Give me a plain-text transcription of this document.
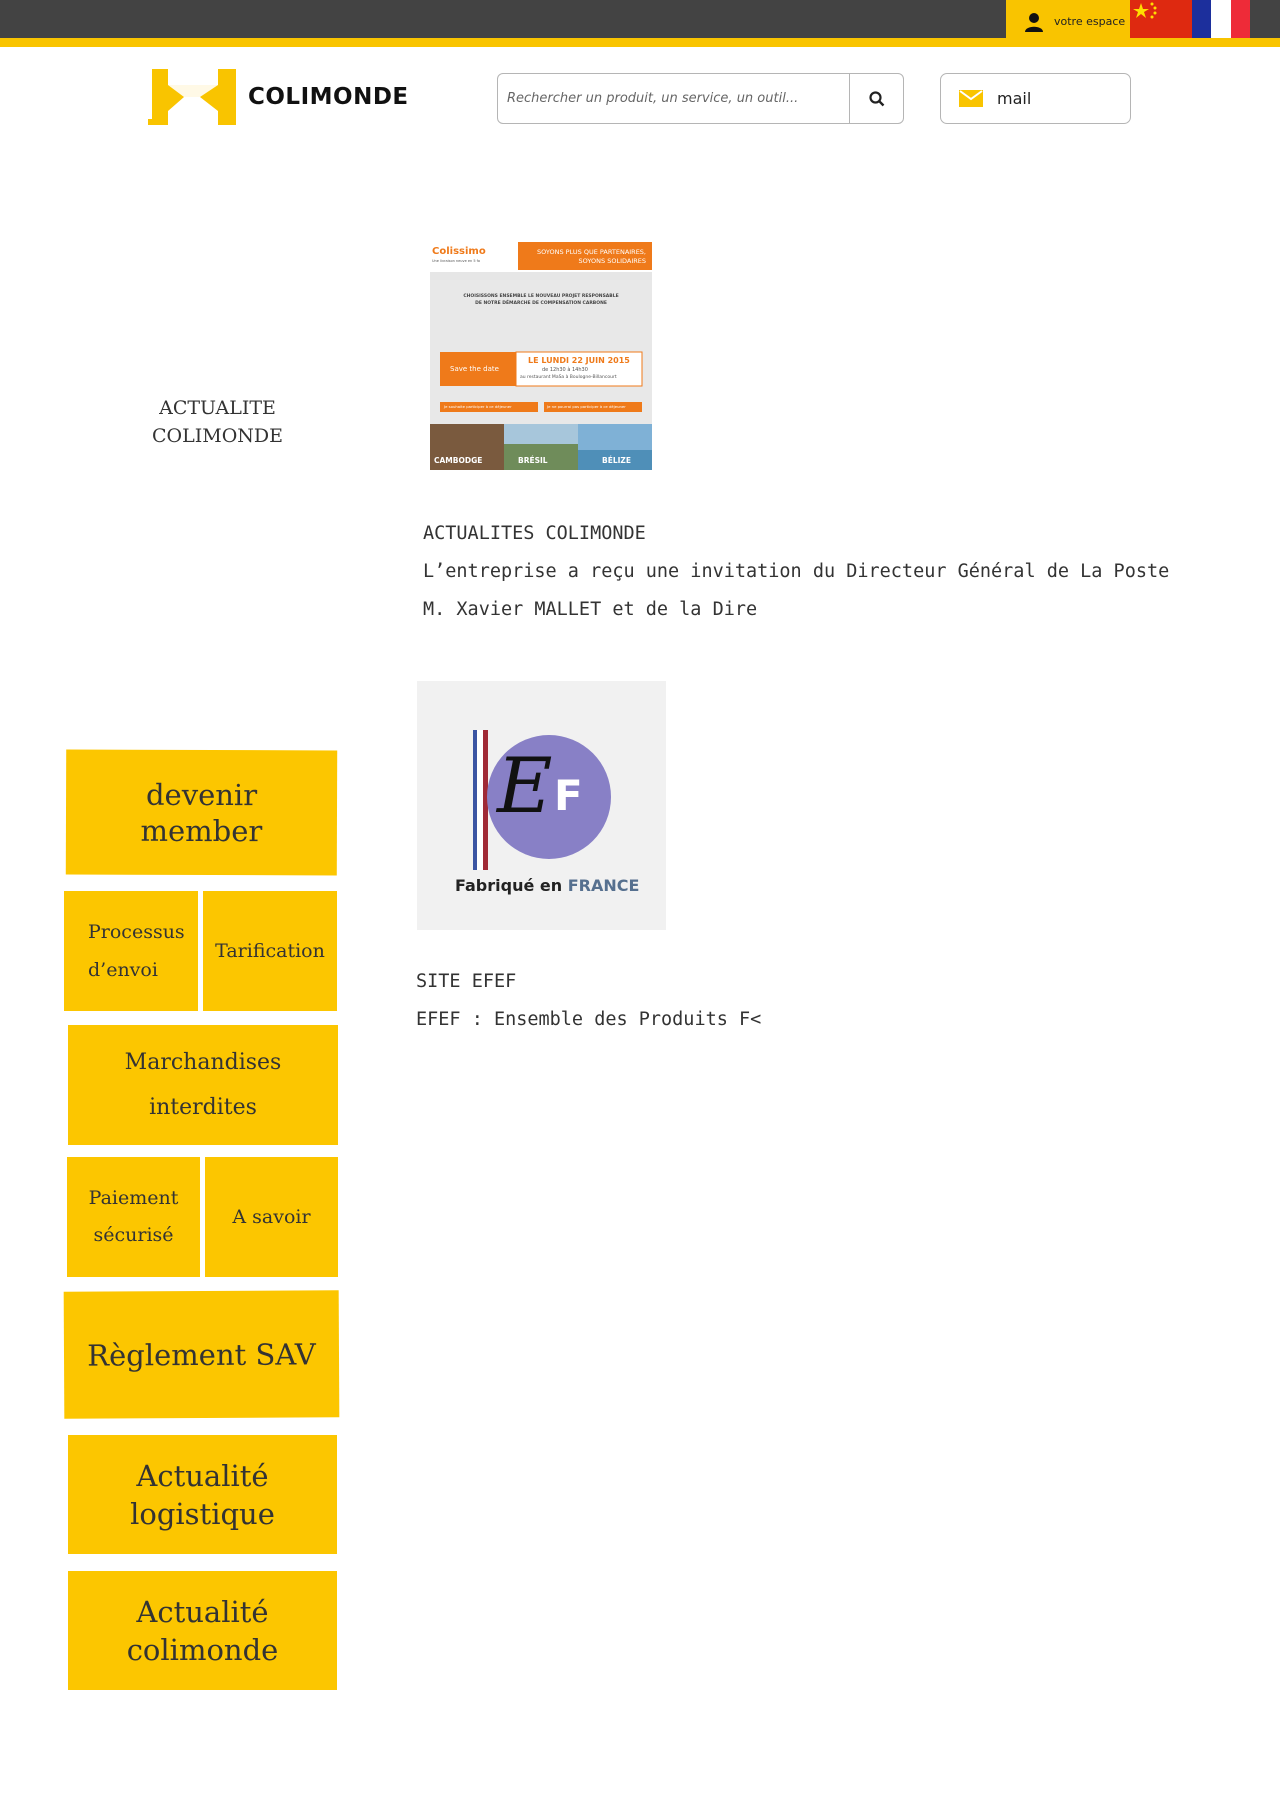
votre espace
COLIMONDE
Rechercher un produit, un service, un outil...	mail
ACTUALITE
COLIMONDE
Colissimo
Une livraison neuve en 5 fo
SOYONS PLUS QUE PARTENAIRES,
SOYONS SOLIDAIRES
CHOISISSONS ENSEMBLE LE NOUVEAU PROJET RESPONSABLE
DE NOTRE DÉMARCHE DE COMPENSATION CARBONE
Save the date
LE LUNDI 22 JUIN 2015
de 12h30 à 14h30
au restaurant MaSa à Boulogne-Billancourt
Je souhaite participer à ce déjeuner	Je ne pourrai pas participer à ce déjeuner
CAMBODGE	BRÉSIL	BÉLIZE
ACTUALITES COLIMONDE
L’entreprise a reçu une invitation du Directeur Général de La Poste
M. Xavier MALLET et de la Dire
E F
Fabriqué en FRANCE
SITE EFEF
EFEF : Ensemble des Produits F<
devenir
member
Processus
d’envoi
Tarification
Marchandises
interdites
Paiement
sécurisé
A savoir
Règlement SAV
Actualité
logistique
Actualité
colimonde
